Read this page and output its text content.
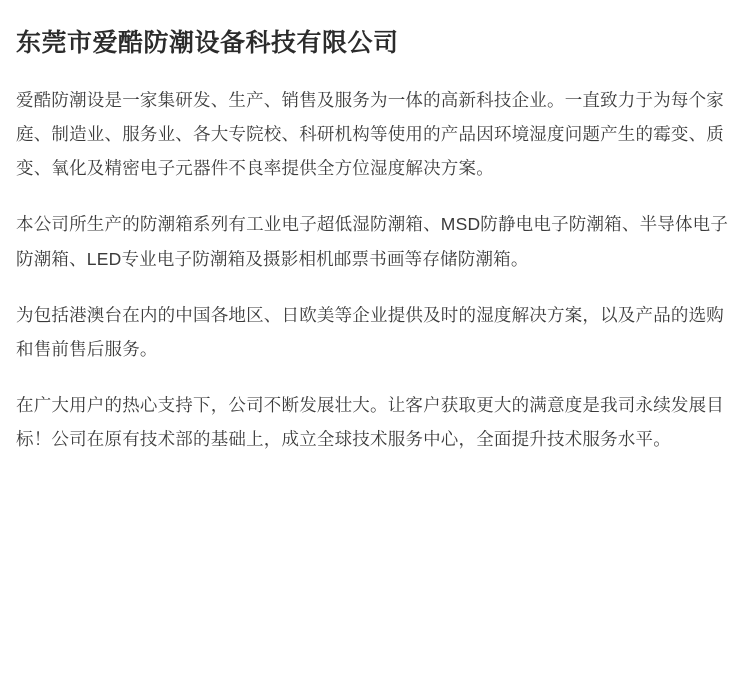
东莞市爱酷防潮设备科技有限公司

爱酷防潮设是一家集研发、生产、销售及服务为一体的高新科技企业。一直致力于为每个家庭、制造业、服务业、各大专院校、科研机构等使用的产品因环境湿度问题产生的霉变、质变、氧化及精密电子元器件不良率提供全方位湿度解决方案。

本公司所生产的防潮箱系列有工业电子超低湿防潮箱、MSD防静电电子防潮箱、半导体电子防潮箱、LED专业电子防潮箱及摄影相机邮票书画等存储防潮箱。

为包括港澳台在内的中国各地区、日欧美等企业提供及时的湿度解决方案，以及产品的选购和售前售后服务。

在广大用户的热心支持下，公司不断发展壮大。让客户获取更大的满意度是我司永续发展目标！公司在原有技术部的基础上，成立全球技术服务中心，全面提升技术服务水平。
